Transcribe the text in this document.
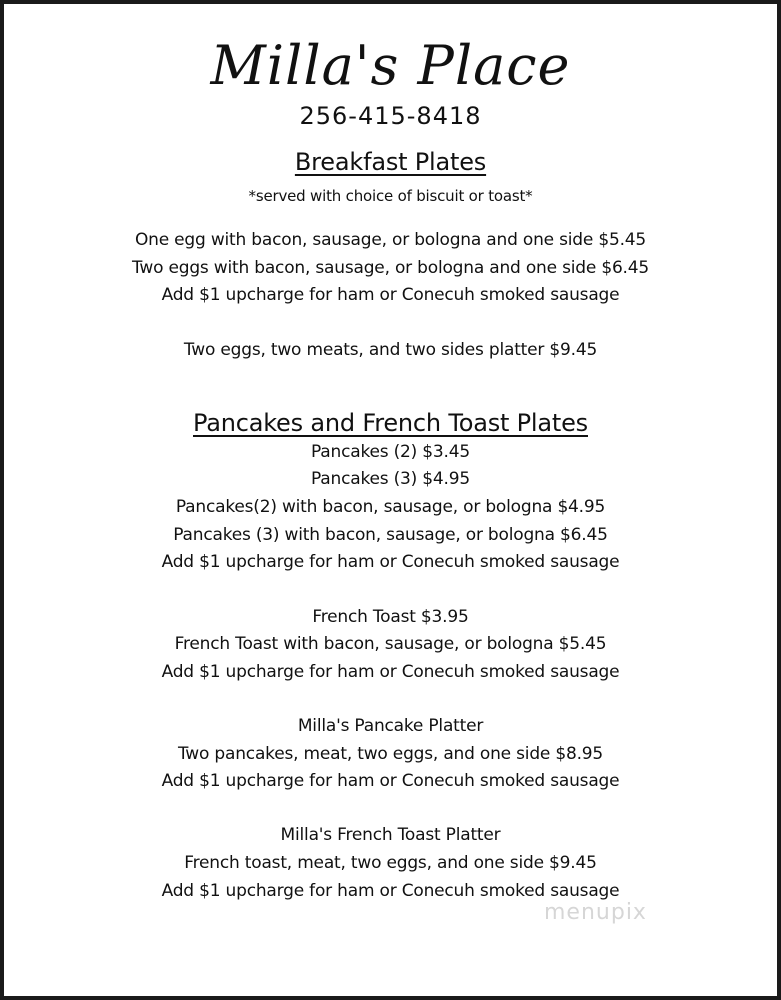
Milla's Place
256-415-8418
Breakfast Plates
*served with choice of biscuit or toast*
One egg with bacon, sausage, or bologna and one side $5.45
Two eggs with bacon, sausage, or bologna and one side $6.45
Add $1 upcharge for ham or Conecuh smoked sausage
Two eggs, two meats, and two sides platter $9.45
Pancakes and French Toast Plates
Pancakes (2) $3.45
Pancakes (3) $4.95
Pancakes(2) with bacon, sausage, or bologna $4.95
Pancakes (3) with bacon, sausage, or bologna $6.45
Add $1 upcharge for ham or Conecuh smoked sausage
French Toast $3.95
French Toast with bacon, sausage, or bologna $5.45
Add $1 upcharge for ham or Conecuh smoked sausage
Milla's Pancake Platter
Two pancakes, meat, two eggs, and one side $8.95
Add $1 upcharge for ham or Conecuh smoked sausage
Milla's French Toast Platter
French toast, meat, two eggs, and one side $9.45
Add $1 upcharge for ham or Conecuh smoked sausage
menupix
